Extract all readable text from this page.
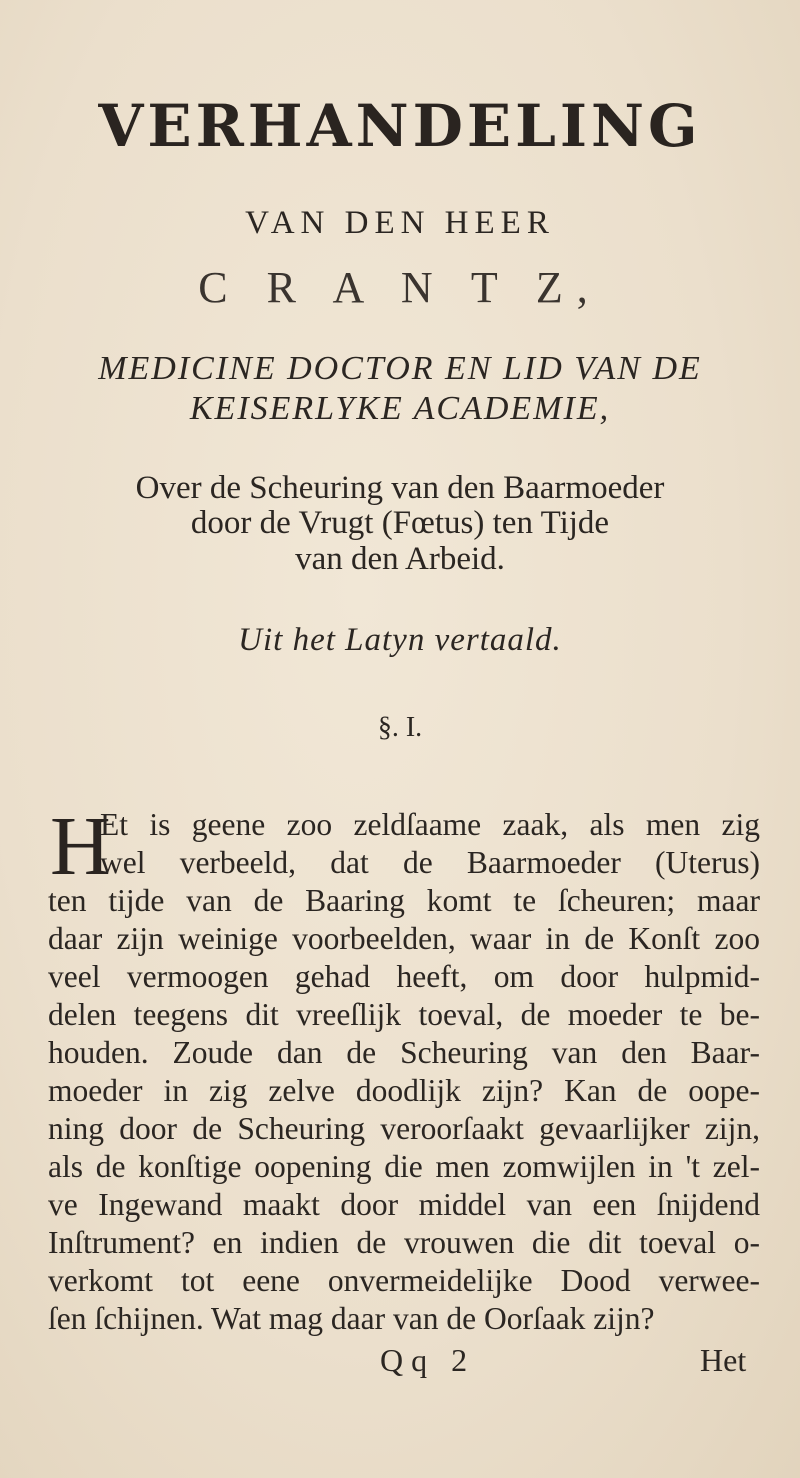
VERHANDELING
VAN DEN HEER
C R A N T Z,
MEDICINE DOCTOR EN LID VAN DE
KEISERLYKE ACADEMIE,
Over de Scheuring van den Baarmoeder
door de Vrugt (Fœtus) ten Tijde
van den Arbeid.
Uit het Latyn vertaald.
§. I.
H
Et is geene zoo zeldſaame zaak, als men zig
wel verbeeld, dat de Baarmoeder (Uterus)
ten tijde van de Baaring komt te ſcheuren; maar
daar zijn weinige voorbeelden, waar in de Konſt zoo
veel vermoogen gehad heeft, om door hulpmid-
delen teegens dit vreeſlijk toeval, de moeder te be-
houden. Zoude dan de Scheuring van den Baar-
moeder in zig zelve doodlijk zijn? Kan de oope-
ning door de Scheuring veroorſaakt gevaarlijker zijn,
als de konſtige oopening die men zomwijlen in 't zel-
ve Ingewand maakt door middel van een ſnijdend
Inſtrument? en indien de vrouwen die dit toeval o-
verkomt tot eene onvermeidelijke Dood verwee-
ſen ſchijnen. Wat mag daar van de Oorſaak zijn?
Qq 2	Het
